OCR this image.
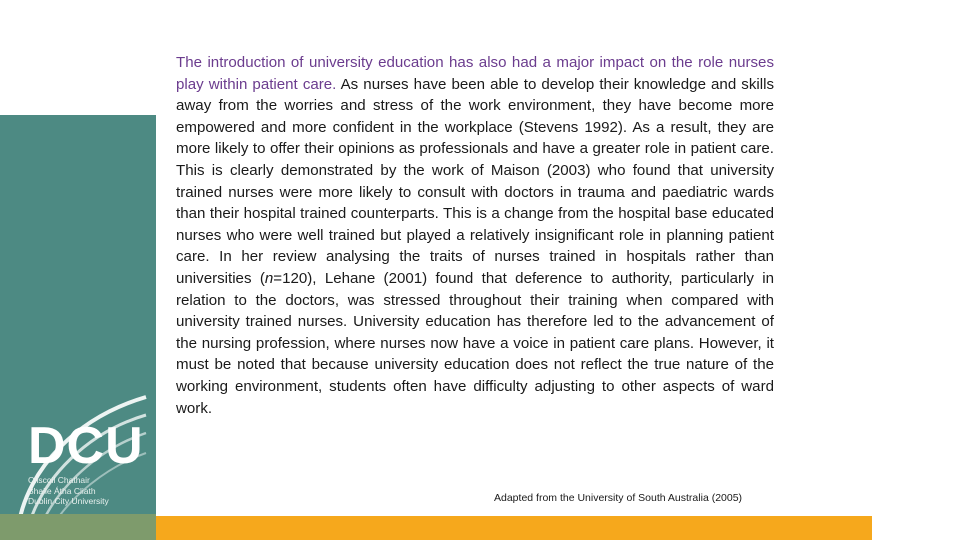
DCU
Ollscoil Chathair
Bhaile Átha Cliath
Dublin City University
The introduction of university education has also had a major impact on the role nurses play within patient care. As nurses have been able to develop their knowledge and skills away from the worries and stress of the work environment, they have become more empowered and more confident in the workplace (Stevens 1992). As a result, they are more likely to offer their opinions as professionals and have a greater role in patient care. This is clearly demonstrated by the work of Maison (2003) who found that university trained nurses were more likely to consult with doctors in trauma and paediatric wards than their hospital trained counterparts. This is a change from the hospital base educated nurses who were well trained but played a relatively insignificant role in planning patient care. In her review analysing the traits of nurses trained in hospitals rather than universities (n=120), Lehane (2001) found that deference to authority, particularly in relation to the doctors, was stressed throughout their training when compared with university trained nurses. University education has therefore led to the advancement of the nursing profession, where nurses now have a voice in patient care plans. However, it must be noted that because university education does not reflect the true nature of the working environment, students often have difficulty adjusting to other aspects of ward work.
Adapted from the University of South Australia (2005)
